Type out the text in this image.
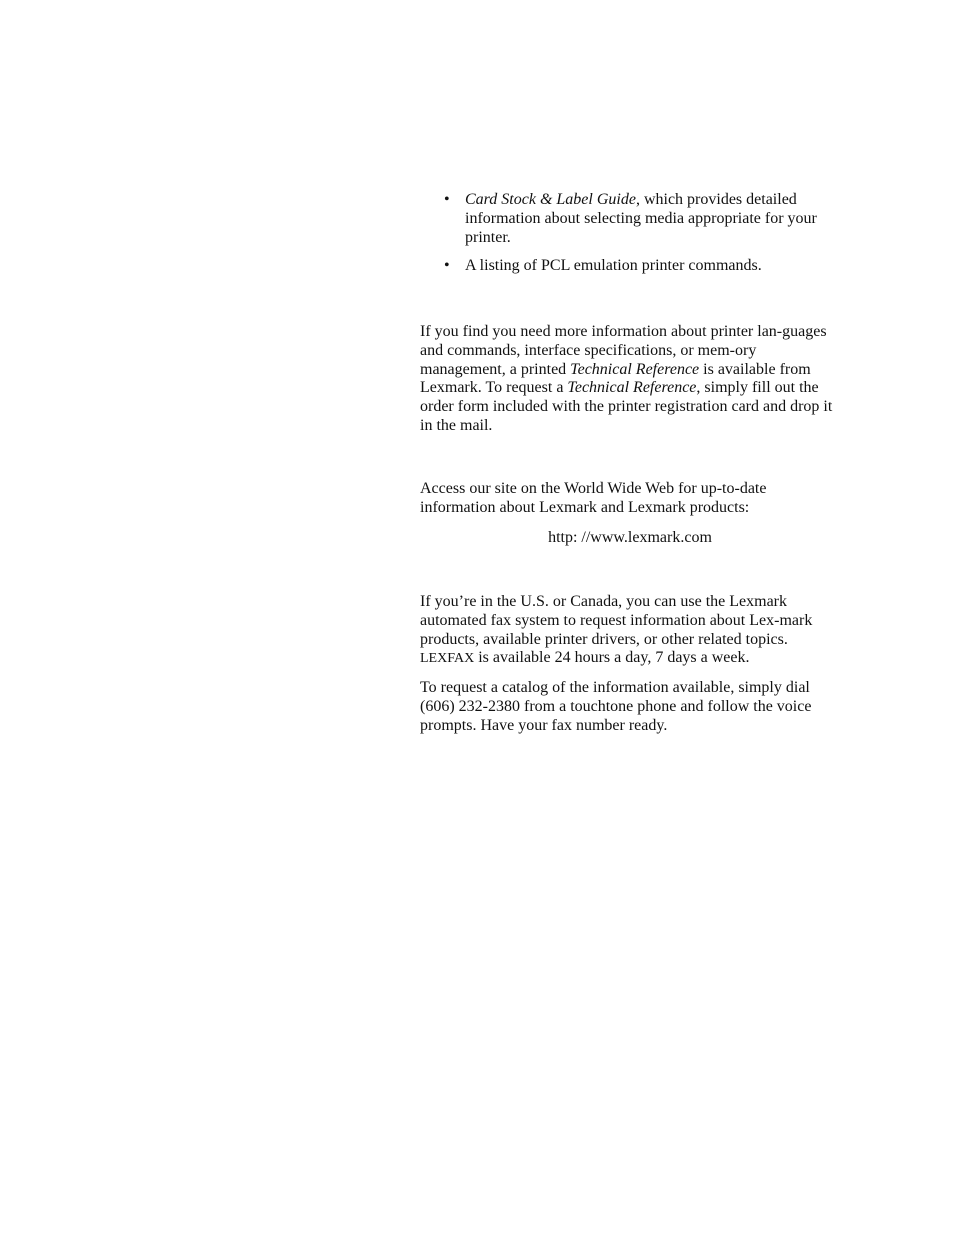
• Card Stock & Label Guide, which provides detailed information about selecting media appropriate for your printer.
• A listing of PCL emulation printer commands.

If you find you need more information about printer lan-guages and commands, interface specifications, or mem-ory management, a printed Technical Reference is available from Lexmark. To request a Technical Reference, simply fill out the order form included with the printer registration card and drop it in the mail.

Access our site on the World Wide Web for up-to-date information about Lexmark and Lexmark products:

http: //www.lexmark.com

If you’re in the U.S. or Canada, you can use the Lexmark automated fax system to request information about Lex-mark products, available printer drivers, or other related topics. LEXFAX is available 24 hours a day, 7 days a week.

To request a catalog of the information available, simply dial (606) 232-2380 from a touchtone phone and follow the voice prompts. Have your fax number ready.
